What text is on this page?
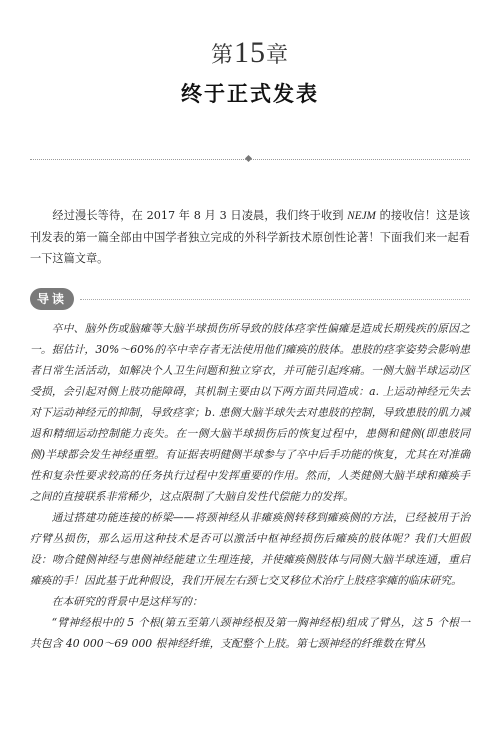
第15章
终于正式发表

经过漫长等待，在 2017 年 8 月 3 日凌晨，我们终于收到 NEJM 的接收信！这是该刊发表的第一篇全部由中国学者独立完成的外科学新技术原创性论著！下面我们来一起看一下这篇文章。

导读

卒中、脑外伤或脑瘫等大脑半球损伤所导致的肢体痉挛性偏瘫是造成长期残疾的原因之一。据估计，30%～60%的卒中幸存者无法使用他们瘫痪的肢体。患肢的痉挛姿势会影响患者日常生活活动，如解决个人卫生问题和独立穿衣，并可能引起疼痛。一侧大脑半球运动区受损，会引起对侧上肢功能障碍，其机制主要由以下两方面共同造成：a. 上运动神经元失去对下运动神经元的抑制，导致痉挛；b. 患侧大脑半球失去对患肢的控制，导致患肢的肌力减退和精细运动控制能力丧失。在一侧大脑半球损伤后的恢复过程中，患侧和健侧(即患肢同侧)半球都会发生神经重塑。有证据表明健侧半球参与了卒中后手功能的恢复，尤其在对准确性和复杂性要求较高的任务执行过程中发挥重要的作用。然而，人类健侧大脑半球和瘫痪手之间的直接联系非常稀少，这点限制了大脑自发性代偿能力的发挥。

通过搭建功能连接的桥梁——将颈神经从非瘫痪侧转移到瘫痪侧的方法，已经被用于治疗臂丛损伤，那么运用这种技术是否可以激活中枢神经损伤后瘫痪的肢体呢？我们大胆假设：吻合健侧神经与患侧神经能建立生理连接，并使瘫痪侧肢体与同侧大脑半球连通，重启瘫痪的手！因此基于此种假设，我们开展左右颈七交叉移位术治疗上肢痉挛瘫的临床研究。

在本研究的背景中是这样写的：

“臂神经根中的 5 个根(第五至第八颈神经根及第一胸神经根)组成了臂丛，这 5 个根一共包含 40 000～69 000 根神经纤维，支配整个上肢。第七颈神经的纤维数在臂丛
